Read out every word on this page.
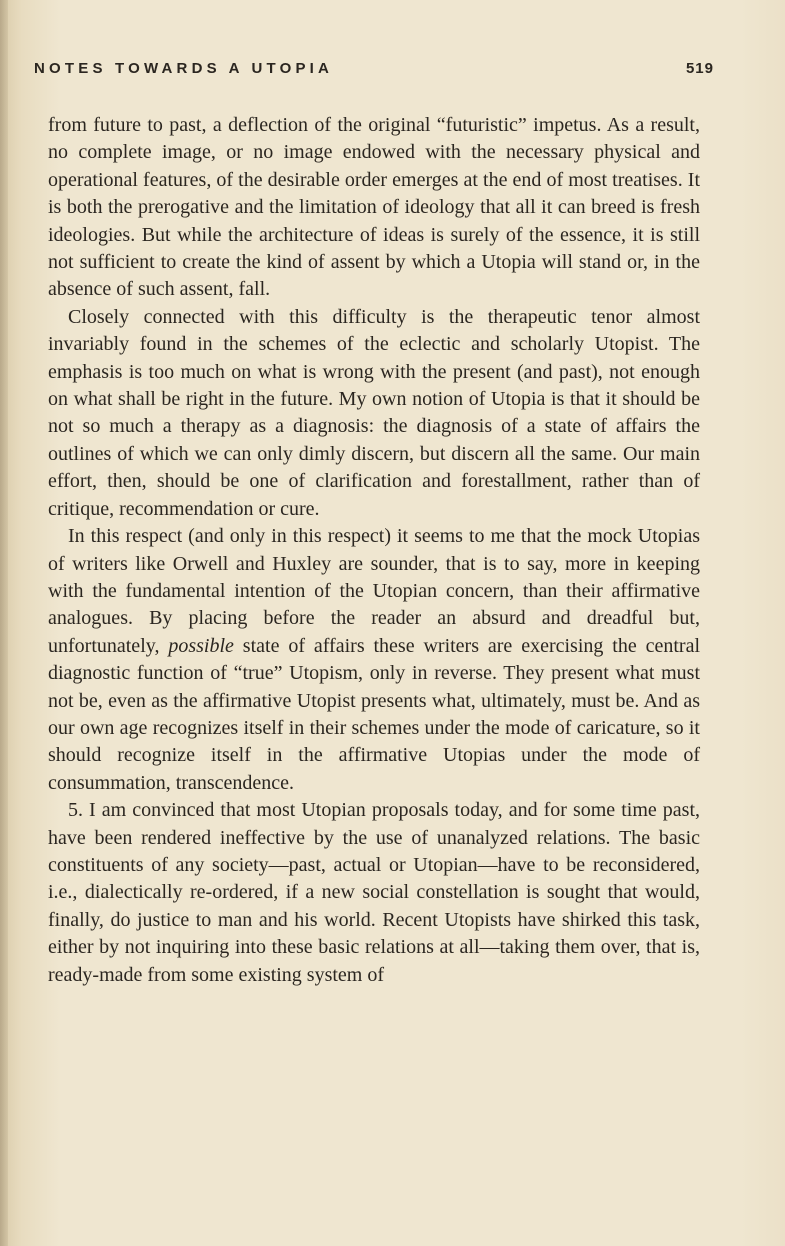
NOTES TOWARDS A UTOPIA	519

from future to past, a deflection of the original “futuristic” impetus. As a result, no complete image, or no image endowed with the necessary physical and operational features, of the desirable order emerges at the end of most treatises. It is both the prerogative and the limitation of ideology that all it can breed is fresh ideologies. But while the architecture of ideas is surely of the essence, it is still not sufficient to create the kind of assent by which a Utopia will stand or, in the absence of such assent, fall.

Closely connected with this difficulty is the therapeutic tenor almost invariably found in the schemes of the eclectic and scholarly Utopist. The emphasis is too much on what is wrong with the present (and past), not enough on what shall be right in the future. My own notion of Utopia is that it should be not so much a therapy as a diagnosis: the diagnosis of a state of affairs the outlines of which we can only dimly discern, but discern all the same. Our main effort, then, should be one of clarification and forestallment, rather than of critique, recommendation or cure.

In this respect (and only in this respect) it seems to me that the mock Utopias of writers like Orwell and Huxley are sounder, that is to say, more in keeping with the fundamental intention of the Utopian concern, than their affirmative analogues. By placing before the reader an absurd and dreadful but, unfortunately, possible state of affairs these writers are exercising the central diagnostic function of “true” Utopism, only in reverse. They present what must not be, even as the affirmative Utopist presents what, ultimately, must be. And as our own age recognizes itself in their schemes under the mode of caricature, so it should recognize itself in the affirmative Utopias under the mode of consummation, transcendence.

5. I am convinced that most Utopian proposals today, and for some time past, have been rendered ineffective by the use of unanalyzed relations. The basic constituents of any society—past, actual or Utopian—have to be reconsidered, i.e., dialectically re-ordered, if a new social constellation is sought that would, finally, do justice to man and his world. Recent Utopists have shirked this task, either by not inquiring into these basic relations at all—taking them over, that is, ready-made from some existing system of
